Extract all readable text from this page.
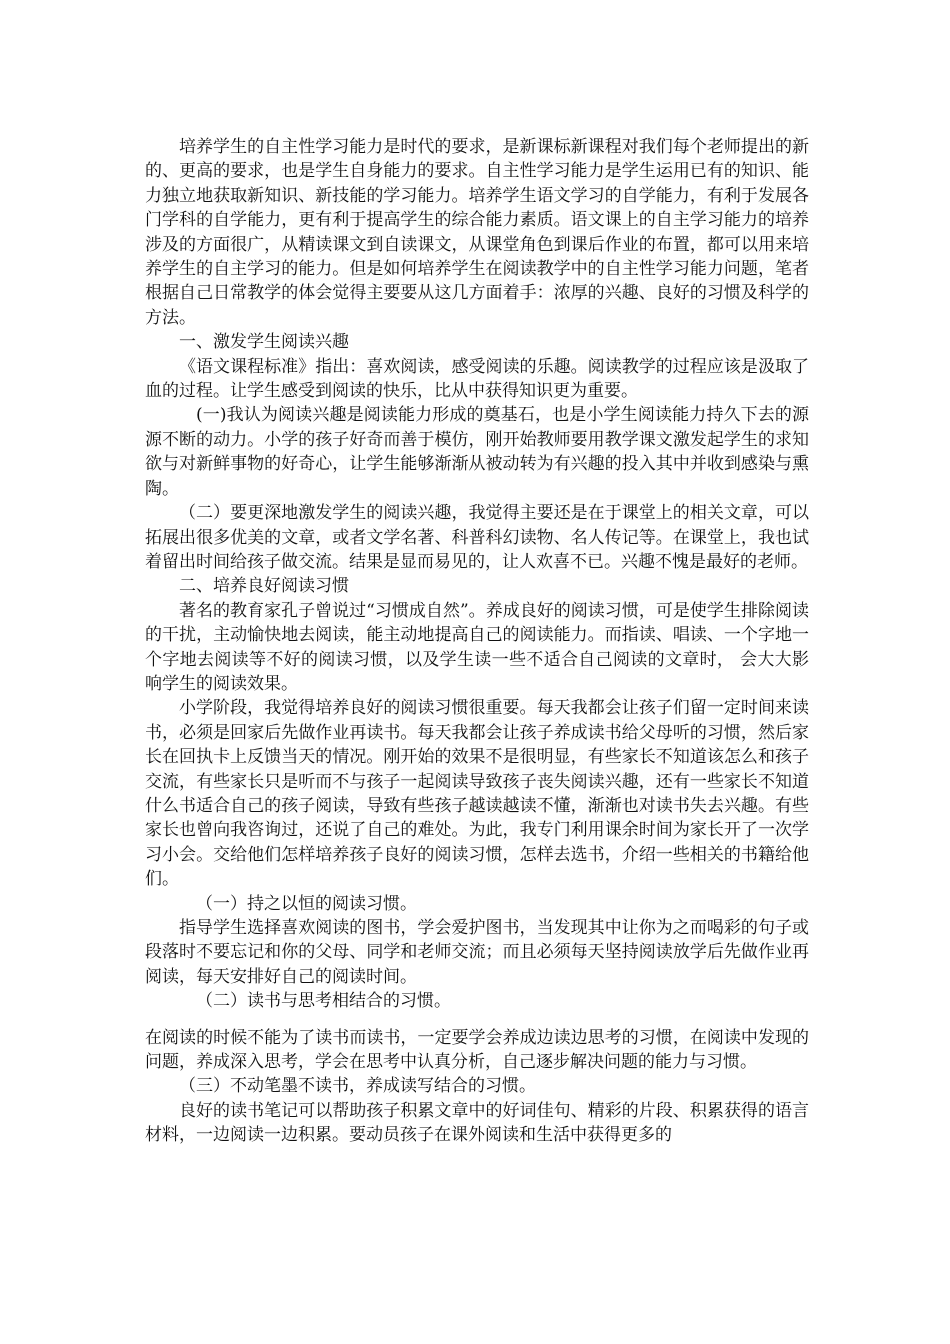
培养学生的自主性学习能力是时代的要求，是新课标新课程对我们每个老师提出的新的、更高的要求，也是学生自身能力的要求。自主性学习能力是学生运用已有的知识、能力独立地获取新知识、新技能的学习能力。培养学生语文学习的自学能力，有利于发展各门学科的自学能力，更有利于提高学生的综合能力素质。语文课上的自主学习能力的培养涉及的方面很广，从精读课文到自读课文，从课堂角色到课后作业的布置，都可以用来培养学生的自主学习的能力。但是如何培养学生在阅读教学中的自主性学习能力问题，笔者根据自己日常教学的体会觉得主要要从这几方面着手：浓厚的兴趣、良好的习惯及科学的方法。

一、激发学生阅读兴趣

《语文课程标准》指出：喜欢阅读，感受阅读的乐趣。阅读教学的过程应该是汲取了血的过程。让学生感受到阅读的快乐，比从中获得知识更为重要。

(一)我认为阅读兴趣是阅读能力形成的奠基石，也是小学生阅读能力持久下去的源源不断的动力。小学的孩子好奇而善于模仿，刚开始教师要用教学课文激发起学生的求知欲与对新鲜事物的好奇心，让学生能够渐渐从被动转为有兴趣的投入其中并收到感染与熏陶。

（二）要更深地激发学生的阅读兴趣，我觉得主要还是在于课堂上的相关文章，可以拓展出很多优美的文章，或者文学名著、科普科幻读物、名人传记等。在课堂上，我也试着留出时间给孩子做交流。结果是显而易见的，让人欢喜不已。兴趣不愧是最好的老师。

二、培养良好阅读习惯

著名的教育家孔子曾说过“习惯成自然”。养成良好的阅读习惯，可是使学生排除阅读的干扰，主动愉快地去阅读，能主动地提高自己的阅读能力。而指读、唱读、一个字地一个字地去阅读等不好的阅读习惯，以及学生读一些不适合自己阅读的文章时， 会大大影响学生的阅读效果。

小学阶段，我觉得培养良好的阅读习惯很重要。每天我都会让孩子们留一定时间来读书，必须是回家后先做作业再读书。每天我都会让孩子养成读书给父母听的习惯，然后家长在回执卡上反馈当天的情况。刚开始的效果不是很明显，有些家长不知道该怎么和孩子交流，有些家长只是听而不与孩子一起阅读导致孩子丧失阅读兴趣，还有一些家长不知道什么书适合自己的孩子阅读，导致有些孩子越读越读不懂，渐渐也对读书失去兴趣。有些家长也曾向我咨询过，还说了自己的难处。为此，我专门利用课余时间为家长开了一次学习小会。交给他们怎样培养孩子良好的阅读习惯，怎样去选书，介绍一些相关的书籍给他们。

（一）持之以恒的阅读习惯。

指导学生选择喜欢阅读的图书，学会爱护图书，当发现其中让你为之而喝彩的句子或段落时不要忘记和你的父母、同学和老师交流；而且必须每天坚持阅读放学后先做作业再阅读，每天安排好自己的阅读时间。

（二）读书与思考相结合的习惯。

在阅读的时候不能为了读书而读书，一定要学会养成边读边思考的习惯，在阅读中发现的问题，养成深入思考，学会在思考中认真分析，自己逐步解决问题的能力与习惯。

（三）不动笔墨不读书，养成读写结合的习惯。

良好的读书笔记可以帮助孩子积累文章中的好词佳句、精彩的片段、积累获得的语言材料，一边阅读一边积累。要动员孩子在课外阅读和生活中获得更多的
